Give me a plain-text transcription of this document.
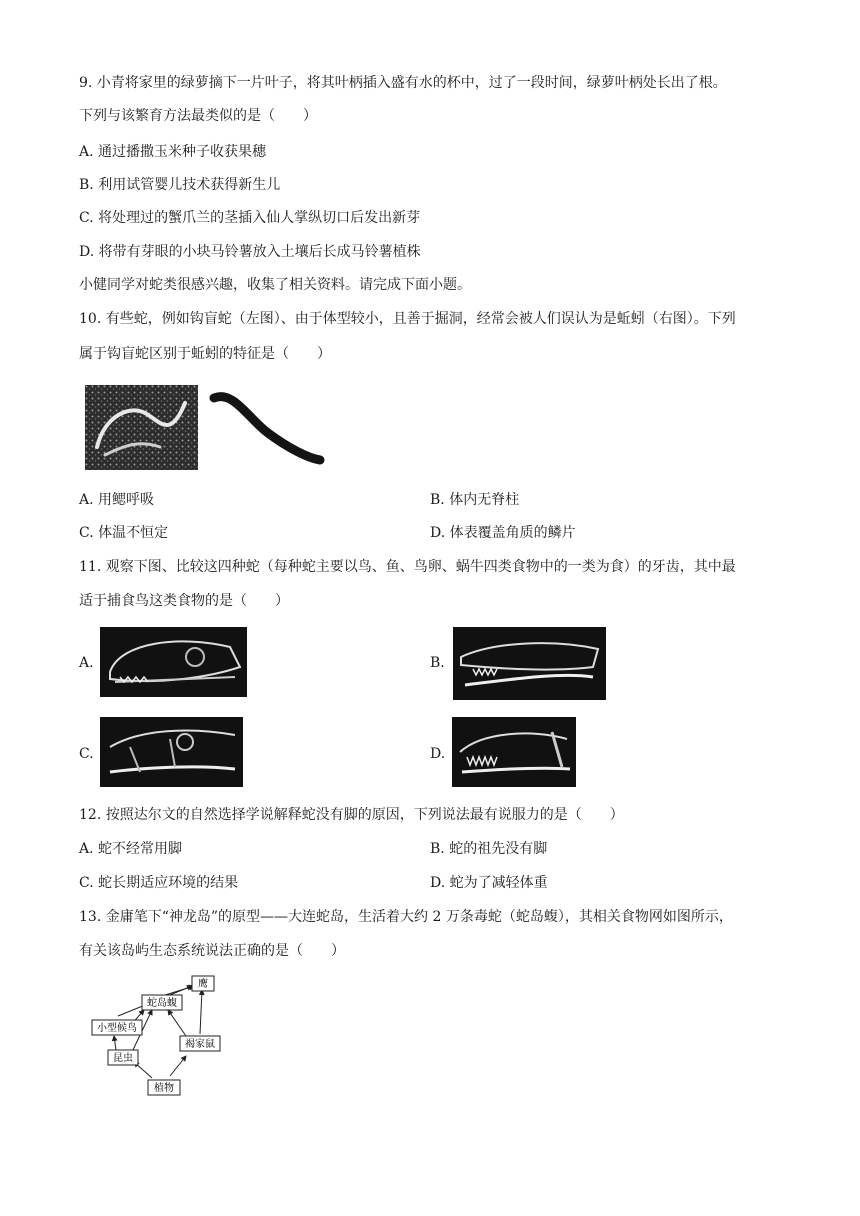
9. 小青将家里的绿萝摘下一片叶子，将其叶柄插入盛有水的杯中，过了一段时间，绿萝叶柄处长出了根。
下列与该繁育方法最类似的是（　　）
A. 通过播撒玉米种子收获果穗
B. 利用试管婴儿技术获得新生儿
C. 将处理过的蟹爪兰的茎插入仙人掌纵切口后发出新芽
D. 将带有芽眼的小块马铃薯放入土壤后长成马铃薯植株
小健同学对蛇类很感兴趣，收集了相关资料。请完成下面小题。
10. 有些蛇，例如钩盲蛇（左图）、由于体型较小，且善于掘洞，经常会被人们误认为是蚯蚓（右图）。下列
属于钩盲蛇区别于蚯蚓的特征是（　　）
A. 用鳃呼吸	B. 体内无脊柱
C. 体温不恒定	D. 体表覆盖角质的鳞片
11. 观察下图、比较这四种蛇（每种蛇主要以鸟、鱼、鸟卵、蜗牛四类食物中的一类为食）的牙齿，其中最
适于捕食鸟这类食物的是（　　）
A.	B.
C.	D.
12. 按照达尔文的自然选择学说解释蛇没有脚的原因，下列说法最有说服力的是（　　）
A. 蛇不经常用脚	B. 蛇的祖先没有脚
C. 蛇长期适应环境的结果	D. 蛇为了减轻体重
13. 金庸笔下“神龙岛”的原型——大连蛇岛，生活着大约 2 万条毒蛇（蛇岛蝮），其相关食物网如图所示，
有关该岛屿生态系统说法正确的是（　　）
鹰
蛇岛蝮
小型候鸟
褐家鼠
昆虫
植物
